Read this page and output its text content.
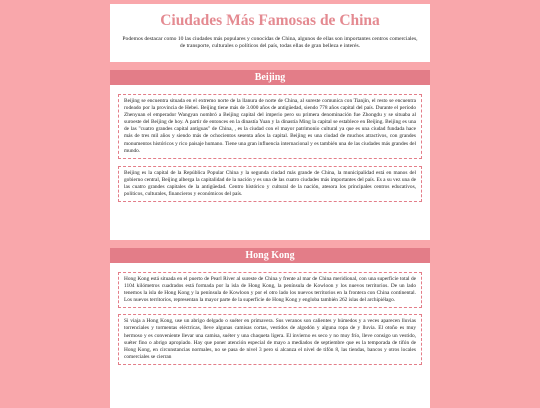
Ciudades Más Famosas de China

Podemos destacar como 10 las ciudades más populares y conocidas de China, algunos de ellas son importantes centros comerciales, de transporte, culturales o políticos del país, todas ellas de gran belleza e interés.

Beijing
Beijing se encuentra situada en el extremo norte de la llanura de norte de China, al sureste comunica con Tianjin, el resto se encuentra rodeado por la provincia de Hebei. Beijing tiene más de 3.000 años de antigüedad, siendo 778 años capital del país. Durante el período Zhenyuan el emperador Wangyan nombró a Beijing capital del imperio pero su primera denominación fue Zhongdu y se situaba al suroeste del Beijing de hoy. A partir de entonces en la dinastía Yuan y la dinastía Ming la capital se establece en Beijing. Beijing es una de las "cuatro grandes capital antiguas" de China, , es la ciudad con el mayor patrimonio cultural ya que es una ciudad fundada hace más de tres mil años y siendo más de ochocientos sesenta años la capital. Beijing es una ciudad de muchos atractivos, con grandes monumentos históricos y rico paisaje humano. Tiene una gran influencia internacional y es también una de las ciudades más grandes del mundo.
Beijing es la capital de la República Popular China y la segunda ciudad más grande de China, la municipalidad está en manos del gobierno central, Beijing alberga la capitalidad de la nación y es una de las cuatro ciudades más importantes del país. Es a su vez una de las cuatro grandes capitales de la antigüedad. Centro histórico y cultural de la nación, atesora los principales centros educativos, políticos, culturales, financieros y económicos del país.
Hong Kong
Hong Kong está situada en el puerto de Pearl River al sureste de China y frente al mar de China meridional, con una superficie total de 1104 kilómetros cuadrados está formada por la isla de Hong Kong, la península de Kowloon y los nuevos territorios. De un lado tenemos la isla de Hong Kong y la península de Kowloon y por el otro lado los nuevos territorios en la frontera con China continental. Los nuevos territorios, representan la mayor parte de la superficie de Hong Kong y engloba también 262 islas del archipiélago.
Si viaja a Hong Kong, use un abrigo delgado o suéter en primavera. Sus veranos son calientes y húmedos y a veces aparecen lluvias torrenciales y tormentas eléctricas, lleve algunas camisas cortas, vestidos de algodón y alguna ropa de y lluvia. El otoño es muy hermoso y es conveniente llevar una camisa, suéter y una chaqueta ligera. El invierno es seco y no muy frío, lleve consigo un vestido, suéter fino o abrigo apropiado. Hay que poner atención especial de mayo a mediados de septiembre que es la temporada de tifón de Hong Kong, en circunstancias normales, no se pasa de nivel 3 pero si alcanza el nivel de tifón 8, las tiendas, bancos y otros locales comerciales se cierran
